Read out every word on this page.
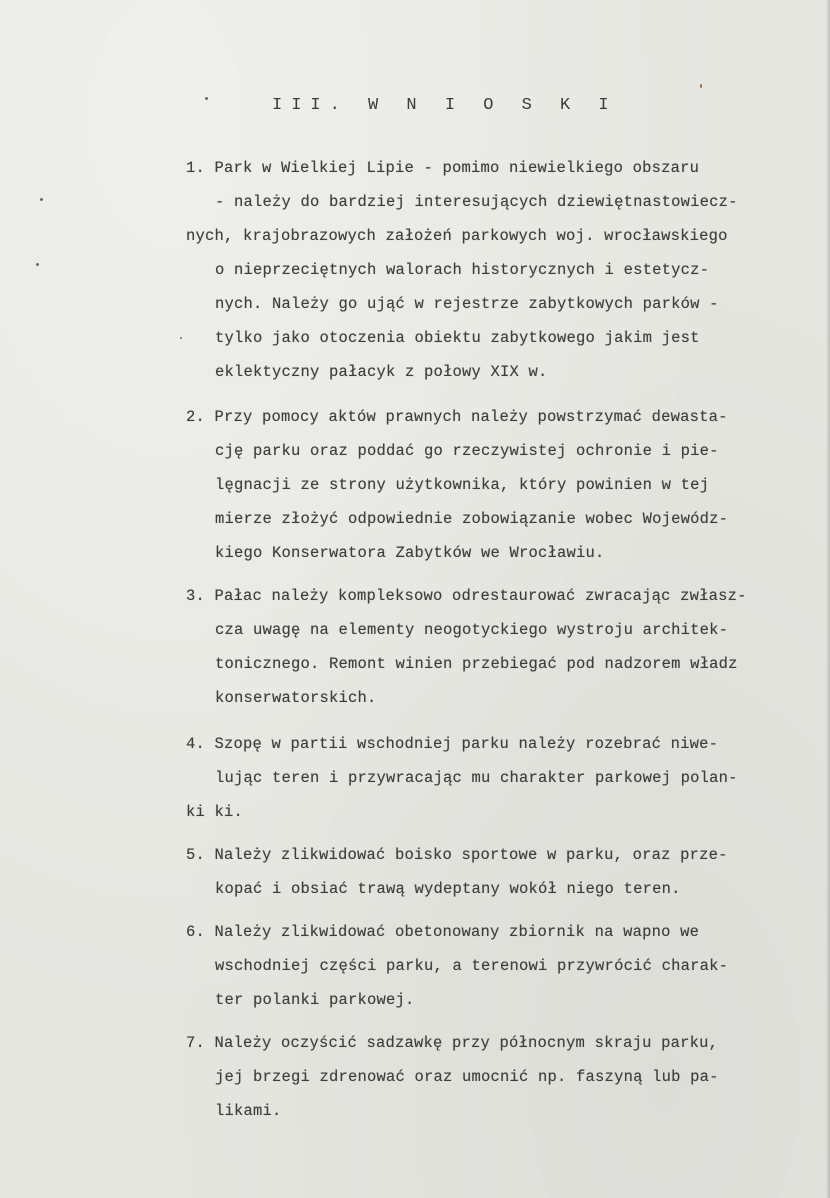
III. W N I O S K I
1. Park w Wielkiej Lipie - pomimo niewielkiego obszaru
- należy do bardziej interesujących dziewiętnastowiecz-
nych, krajobrazowych założeń parkowych woj. wrocławskiego
o nieprzeciętnych walorach historycznych i estetycz-
nych. Należy go ująć w rejestrze zabytkowych parków -
tylko jako otoczenia obiektu zabytkowego jakim jest
eklektyczny pałacyk z połowy XIX w.
2. Przy pomocy aktów prawnych należy powstrzymać dewasta-
cję parku oraz poddać go rzeczywistej ochronie i pie-
lęgnacji ze strony użytkownika, który powinien w tej
mierze złożyć odpowiednie zobowiązanie wobec Wojewódz-
kiego Konserwatora Zabytków we Wrocławiu.
3. Pałac należy kompleksowo odrestaurować zwracając zwłasz-
cza uwagę na elementy neogotyckiego wystroju architek-
tonicznego. Remont winien przebiegać pod nadzorem władz
konserwatorskich.
4. Szopę w partii wschodniej parku należy rozebrać niwe-
lując teren i przywracając mu charakter parkowej polan-
ki ki.
5. Należy zlikwidować boisko sportowe w parku, oraz prze-
kopać i obsiać trawą wydeptany wokół niego teren.
6. Należy zlikwidować obetonowany zbiornik na wapno we
wschodniej części parku, a terenowi przywrócić charak-
ter polanki parkowej.
7. Należy oczyścić sadzawkę przy północnym skraju parku,
jej brzegi zdrenować oraz umocnić np. faszyną lub pa-
likami.
